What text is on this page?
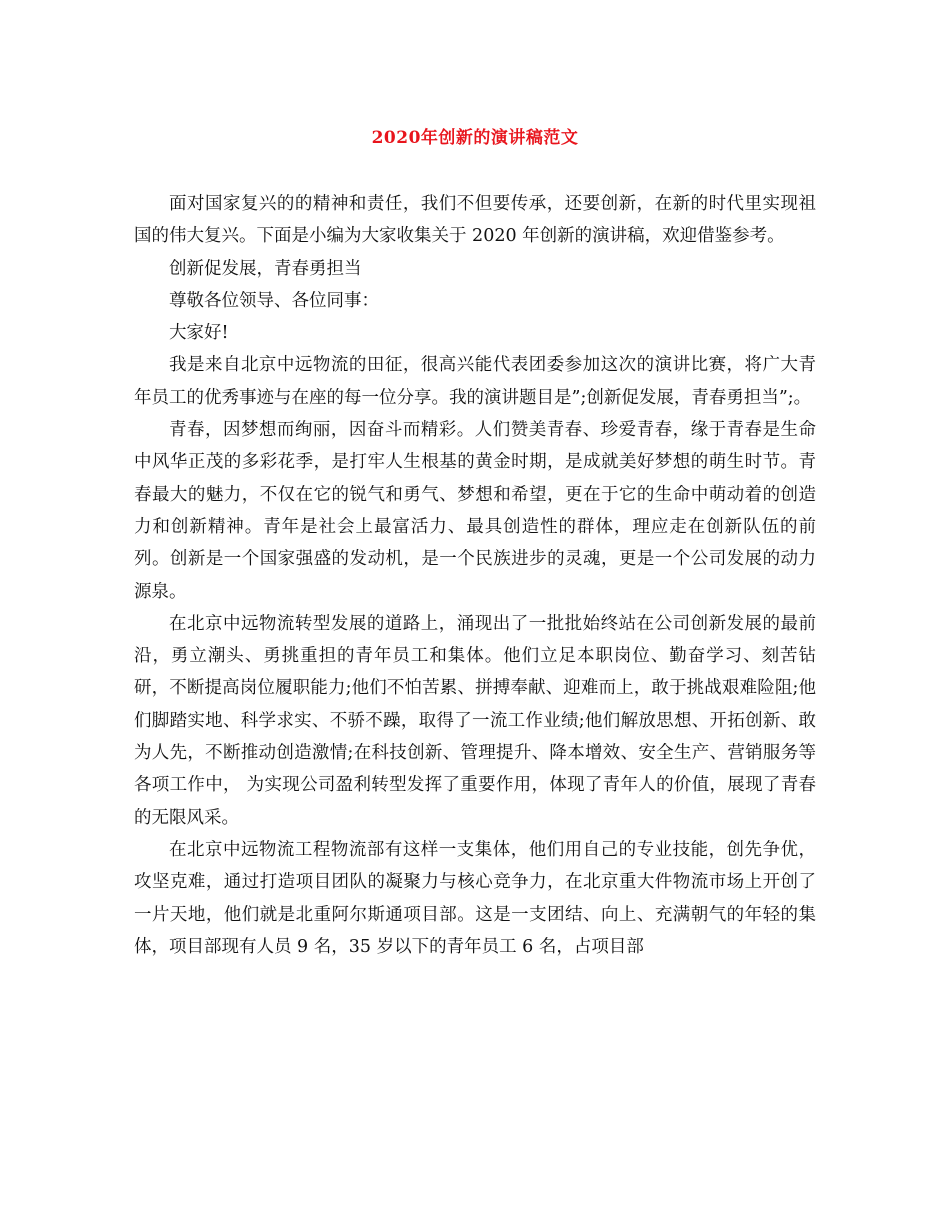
2020年创新的演讲稿范文

面对国家复兴的的精神和责任，我们不但要传承，还要创新，在新的时代里实现祖国的伟大复兴。下面是小编为大家收集关于 2020 年创新的演讲稿，欢迎借鉴参考。

创新促发展，青春勇担当

尊敬各位领导、各位同事：

大家好!

我是来自北京中远物流的田征，很高兴能代表团委参加这次的演讲比赛，将广大青年员工的优秀事迹与在座的每一位分享。我的演讲题目是”;创新促发展，青春勇担当”;。

青春，因梦想而绚丽，因奋斗而精彩。人们赞美青春、珍爱青春，缘于青春是生命中风华正茂的多彩花季，是打牢人生根基的黄金时期，是成就美好梦想的萌生时节。青春最大的魅力，不仅在它的锐气和勇气、梦想和希望，更在于它的生命中萌动着的创造力和创新精神。青年是社会上最富活力、最具创造性的群体，理应走在创新队伍的前列。创新是一个国家强盛的发动机，是一个民族进步的灵魂，更是一个公司发展的动力源泉。

在北京中远物流转型发展的道路上，涌现出了一批批始终站在公司创新发展的最前沿，勇立潮头、勇挑重担的青年员工和集体。他们立足本职岗位、勤奋学习、刻苦钻研，不断提高岗位履职能力;他们不怕苦累、拼搏奉献、迎难而上，敢于挑战艰难险阻;他们脚踏实地、科学求实、不骄不躁，取得了一流工作业绩;他们解放思想、开拓创新、敢为人先，不断推动创造激情;在科技创新、管理提升、降本增效、安全生产、营销服务等各项工作中， 为实现公司盈利转型发挥了重要作用，体现了青年人的价值，展现了青春的无限风采。

在北京中远物流工程物流部有这样一支集体，他们用自己的专业技能，创先争优，攻坚克难，通过打造项目团队的凝聚力与核心竞争力，在北京重大件物流市场上开创了一片天地，他们就是北重阿尔斯通项目部。这是一支团结、向上、充满朝气的年轻的集体，项目部现有人员 9 名，35 岁以下的青年员工 6 名，占项目部
